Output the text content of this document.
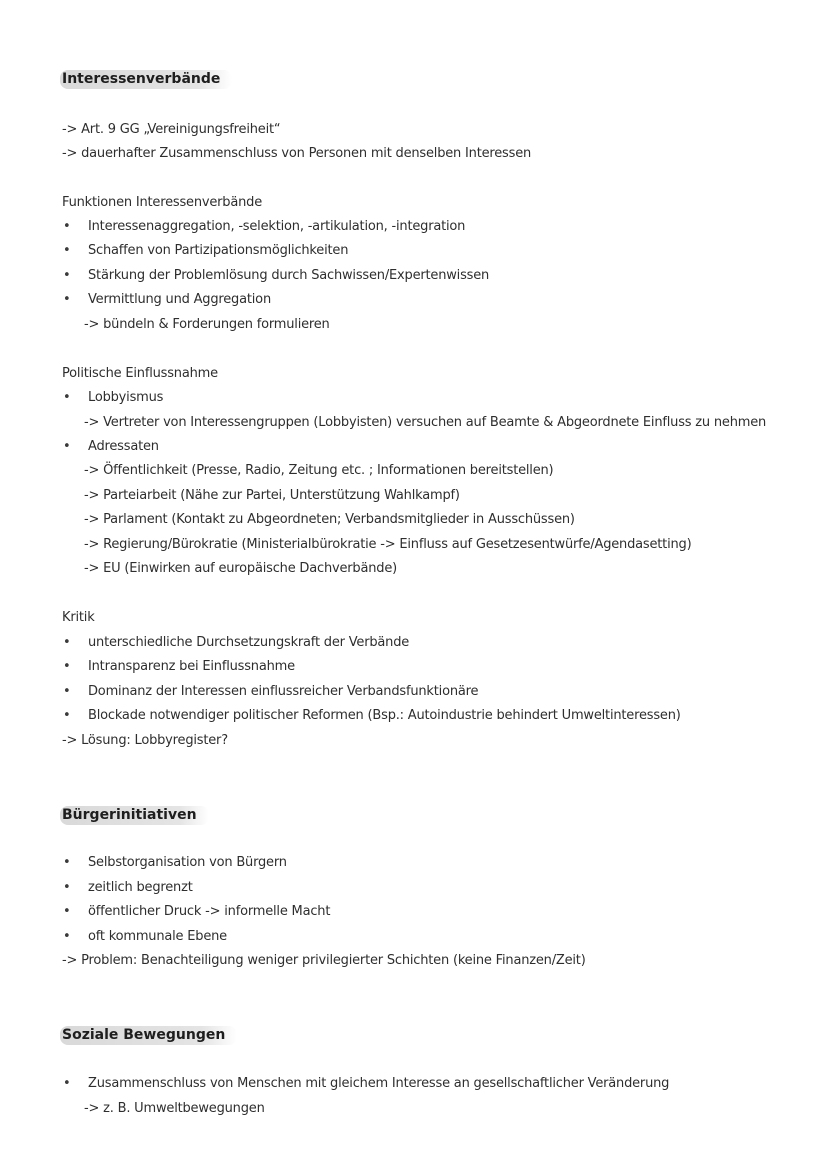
Interessenverbände
-> Art. 9 GG „Vereinigungsfreiheit“
-> dauerhafter Zusammenschluss von Personen mit denselben Interessen
Funktionen Interessenverbände
• Interessenaggregation, -selektion, -artikulation, -integration
• Schaffen von Partizipationsmöglichkeiten
• Stärkung der Problemlösung durch Sachwissen/Expertenwissen
• Vermittlung und Aggregation
-> bündeln & Forderungen formulieren
Politische Einflussnahme
• Lobbyismus
-> Vertreter von Interessengruppen (Lobbyisten) versuchen auf Beamte & Abgeordnete Einfluss zu nehmen
• Adressaten
-> Öffentlichkeit (Presse, Radio, Zeitung etc. ; Informationen bereitstellen)
-> Parteiarbeit (Nähe zur Partei, Unterstützung Wahlkampf)
-> Parlament (Kontakt zu Abgeordneten; Verbandsmitglieder in Ausschüssen)
-> Regierung/Bürokratie (Ministerialbürokratie -> Einfluss auf Gesetzesentwürfe/Agendasetting)
-> EU (Einwirken auf europäische Dachverbände)
Kritik
• unterschiedliche Durchsetzungskraft der Verbände
• Intransparenz bei Einflussnahme
• Dominanz der Interessen einflussreicher Verbandsfunktionäre
• Blockade notwendiger politischer Reformen (Bsp.: Autoindustrie behindert Umweltinteressen)
-> Lösung: Lobbyregister?
Bürgerinitiativen
• Selbstorganisation von Bürgern
• zeitlich begrenzt
• öffentlicher Druck -> informelle Macht
• oft kommunale Ebene
-> Problem: Benachteiligung weniger privilegierter Schichten (keine Finanzen/Zeit)
Soziale Bewegungen
• Zusammenschluss von Menschen mit gleichem Interesse an gesellschaftlicher Veränderung
-> z. B. Umweltbewegungen
